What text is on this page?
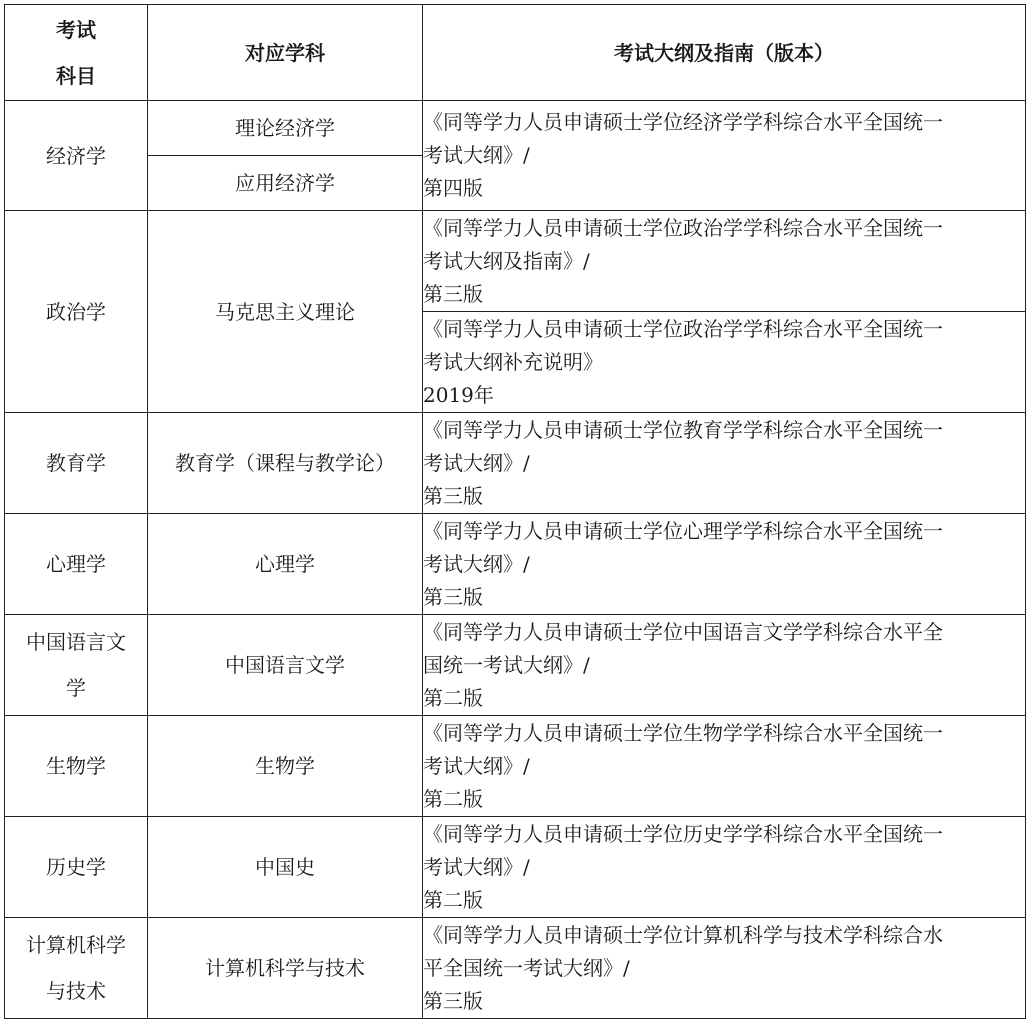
考试
科目	对应学科	考试大纲及指南（版本）
经济学	理论经济学	《同等学力人员申请硕士学位经济学学科综合水平全国统一
考试大纲》/
第四版

	应用经济学	
政治学	马克思主义理论	《同等学力人员申请硕士学位政治学学科综合水平全国统一
考试大纲及指南》/
第三版

		《同等学力人员申请硕士学位政治学学科综合水平全国统一
考试大纲补充说明》
2019年

教育学	教育学（课程与教学论）	《同等学力人员申请硕士学位教育学学科综合水平全国统一
考试大纲》/
第三版

心理学	心理学	《同等学力人员申请硕士学位心理学学科综合水平全国统一
考试大纲》/
第三版

中国语言文
学	中国语言文学	《同等学力人员申请硕士学位中国语言文学学科综合水平全
国统一考试大纲》/
第二版

生物学	生物学	《同等学力人员申请硕士学位生物学学科综合水平全国统一
考试大纲》/
第二版

历史学	中国史	《同等学力人员申请硕士学位历史学学科综合水平全国统一
考试大纲》/
第二版

计算机科学
与技术	计算机科学与技术	《同等学力人员申请硕士学位计算机科学与技术学科综合水
平全国统一考试大纲》/
第三版
